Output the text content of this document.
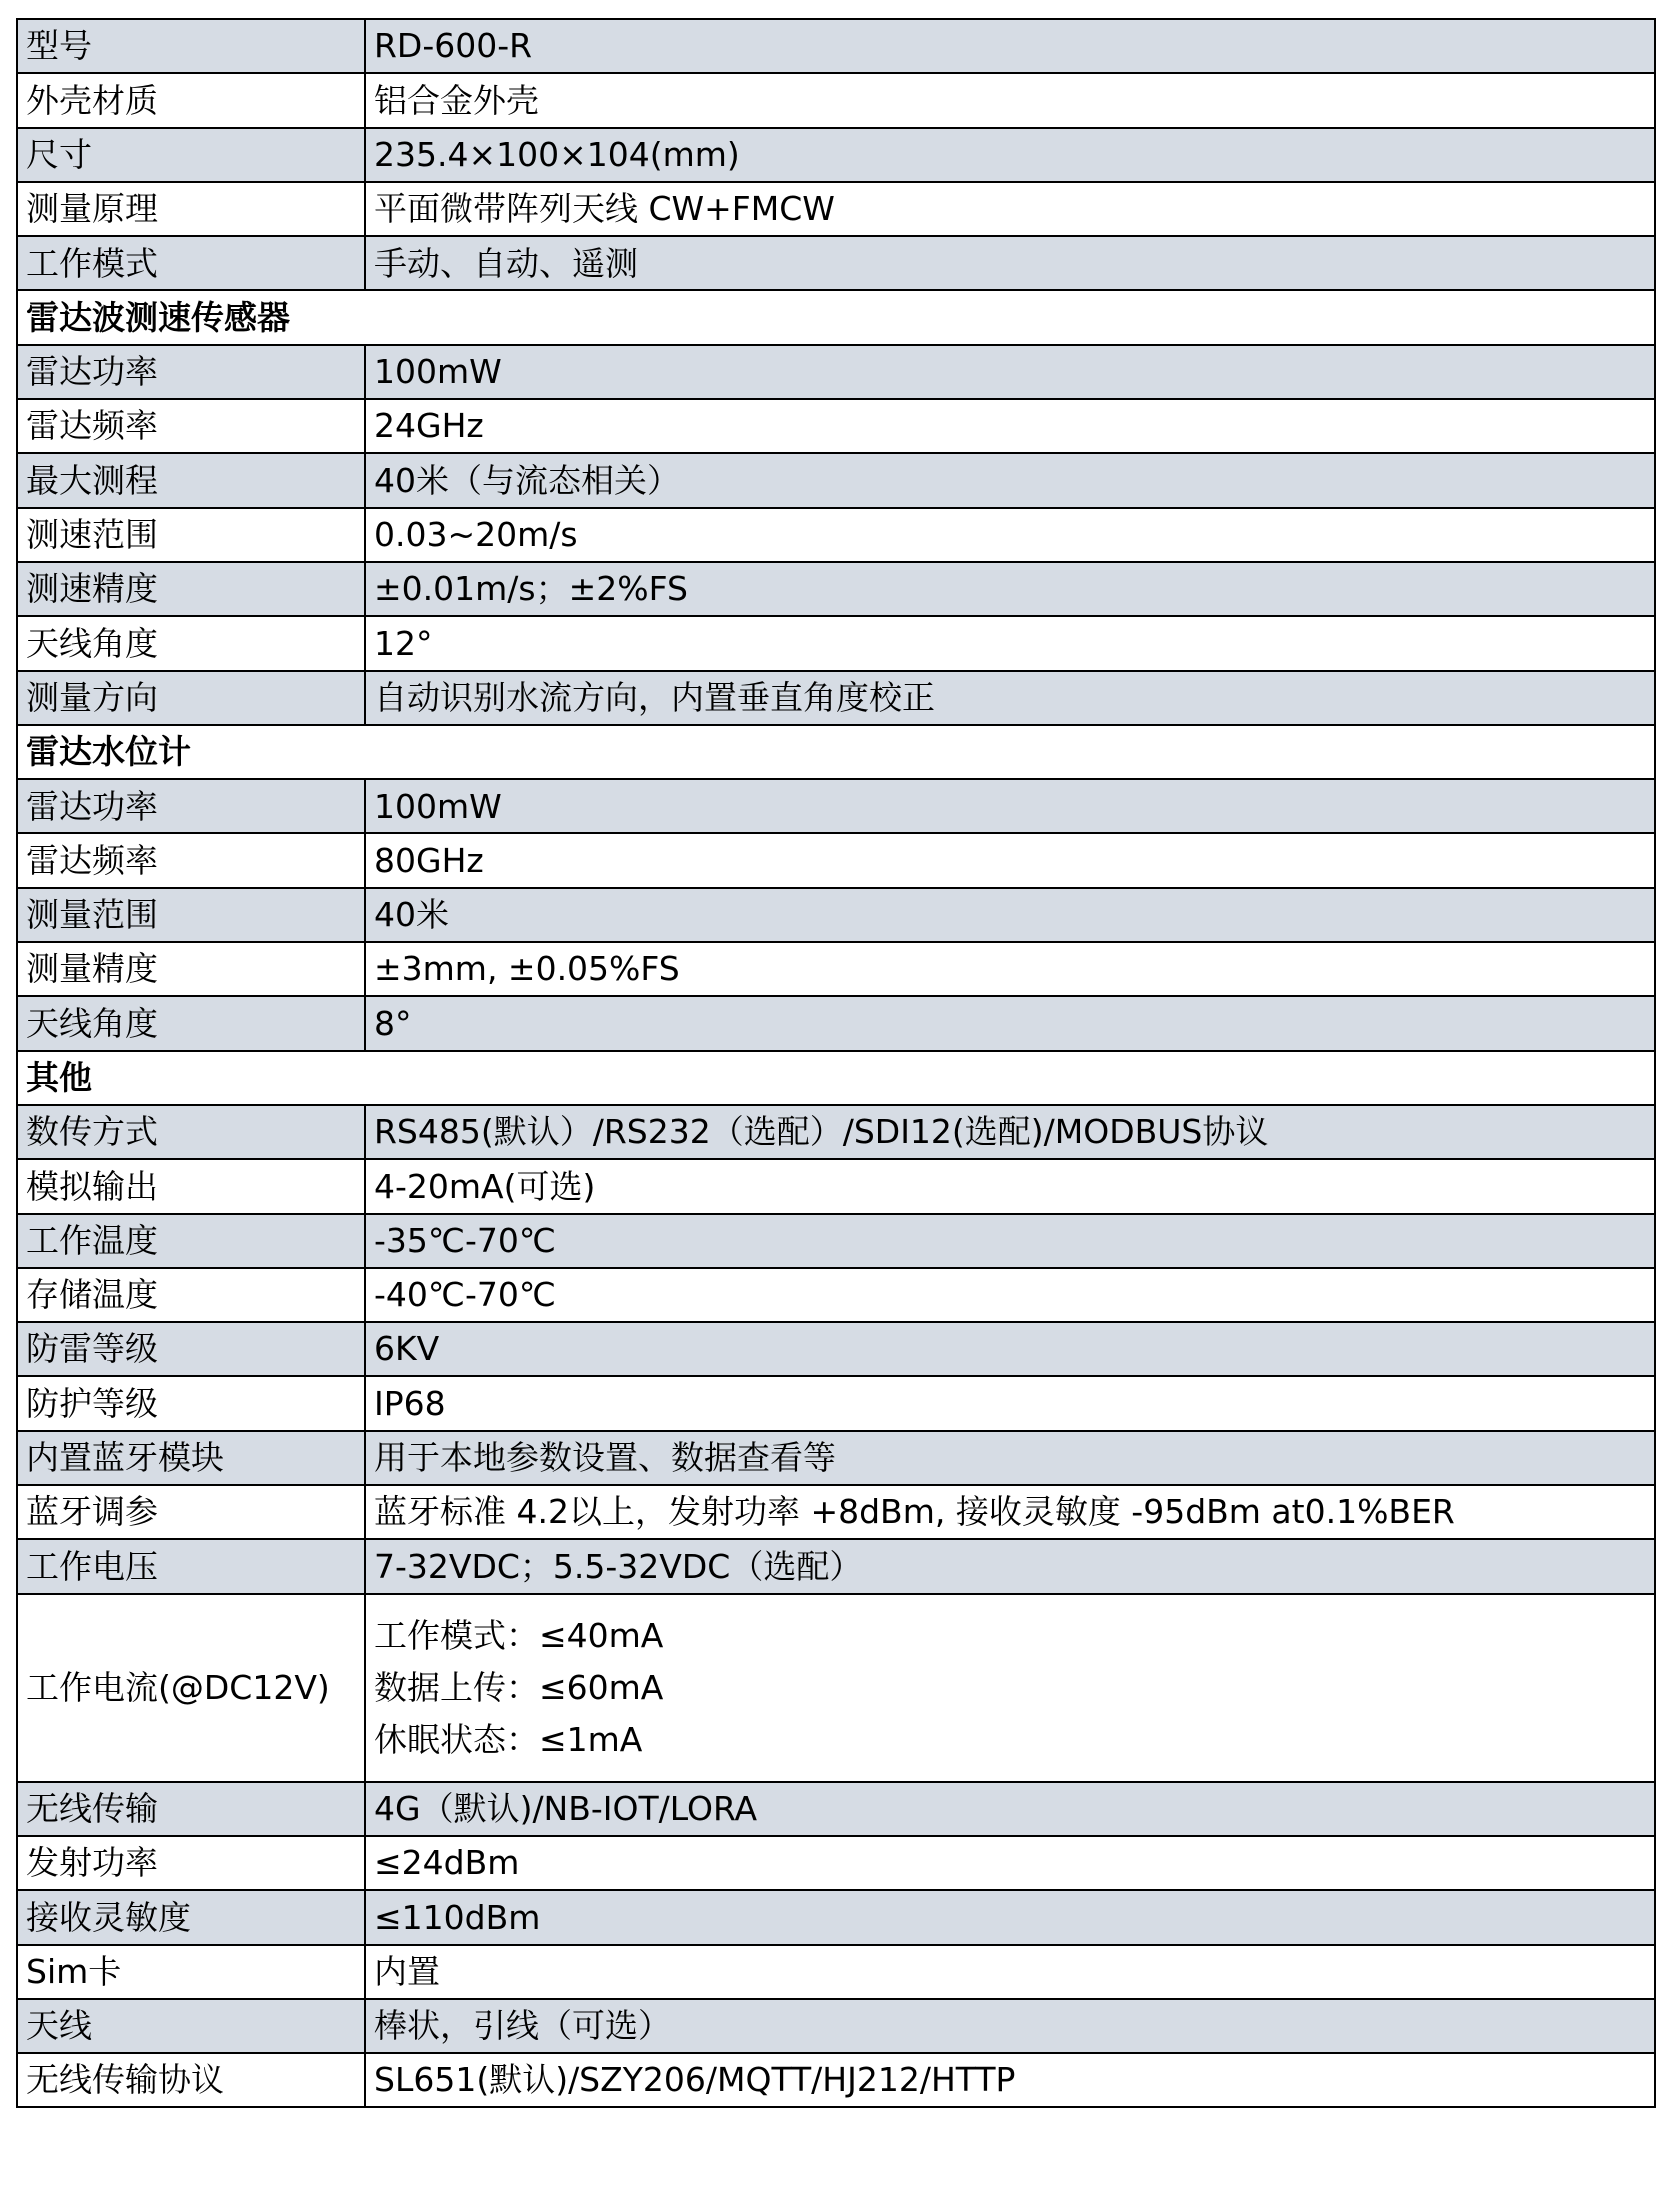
型号	RD-600-R
外壳材质	铝合金外壳
尺寸	235.4×100×104(mm)
测量原理	平面微带阵列天线 CW+FMCW
工作模式	手动、自动、遥测
雷达波测速传感器	
雷达功率	100mW
雷达频率	24GHz
最大测程	40米（与流态相关）
测速范围	0.03~20m/s
测速精度	±0.01m/s；±2%FS
天线角度	12°
测量方向	自动识别水流方向，内置垂直角度校正
雷达水位计	
雷达功率	100mW
雷达频率	80GHz
测量范围	40米
测量精度	±3mm, ±0.05%FS
天线角度	8°
其他	
数传方式	RS485(默认）/RS232（选配）/SDI12(选配)/MODBUS协议
模拟输出	4-20mA(可选)
工作温度	-35℃-70℃
存储温度	-40℃-70℃
防雷等级	6KV
防护等级	IP68
内置蓝牙模块	用于本地参数设置、数据查看等
蓝牙调参	蓝牙标准 4.2以上，发射功率 +8dBm, 接收灵敏度 -95dBm at0.1%BER
工作电压	7-32VDC；5.5-32VDC（选配）
工作电流(@DC12V)	工作模式：≤40mA
数据上传：≤60mA
休眠状态：≤1mA

无线传输	4G（默认)/NB-IOT/LORA
发射功率	≤24dBm
接收灵敏度	≤110dBm
Sim卡	内置
天线	棒状，引线（可选）
无线传输协议	SL651(默认)/SZY206/MQTT/HJ212/HTTP
